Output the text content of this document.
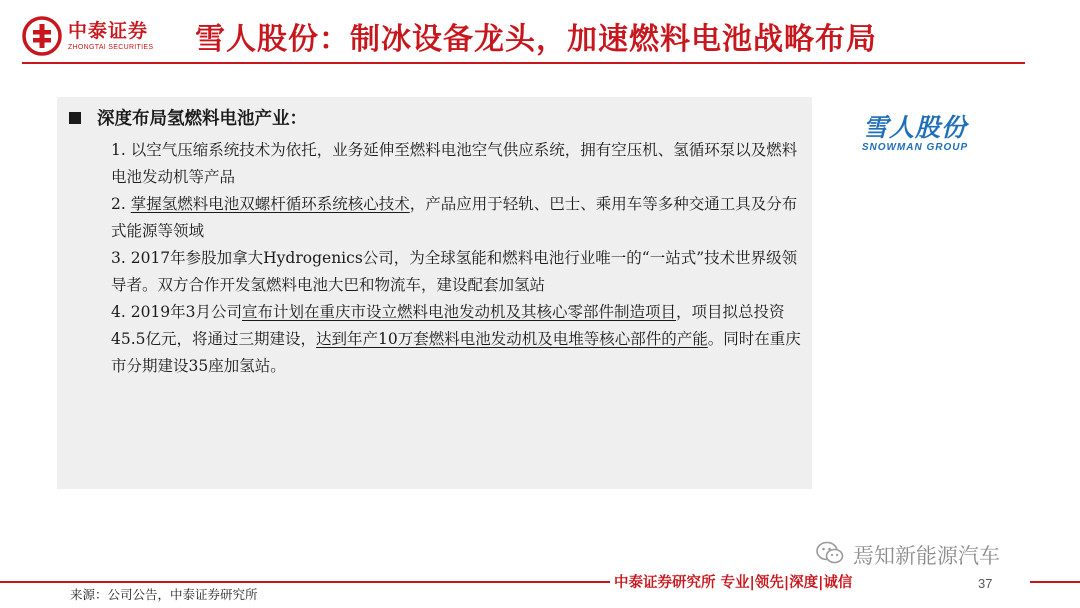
中泰证券
ZHONGTAI SECURITIES 雪人股份：制冰设备龙头，加速燃料电池战略布局
深度布局氢燃料电池产业：

1. 以空气压缩系统技术为依托，业务延伸至燃料电池空气供应系统，拥有空压机、氢循环泵以及燃料电池发动机等产品

2. 掌握氢燃料电池双螺杆循环系统核心技术，产品应用于轻轨、巴士、乘用车等多种交通工具及分布式能源等领域

3. 2017年参股加拿大Hydrogenics公司，为全球氢能和燃料电池行业唯一的“一站式”技术世界级领导者。双方合作开发氢燃料电池大巴和物流车，建设配套加氢站

4. 2019年3月公司宣布计划在重庆市设立燃料电池发动机及其核心零部件制造项目，项目拟总投资45.5亿元，将通过三期建设，达到年产10万套燃料电池发动机及电堆等核心部件的产能。同时在重庆市分期建设35座加氢站。

雪人股份
SNOWMAN GROUP
焉知新能源汽车
中泰证券研究所 专业|领先|深度|诚信	37
来源：公司公告，中泰证券研究所
